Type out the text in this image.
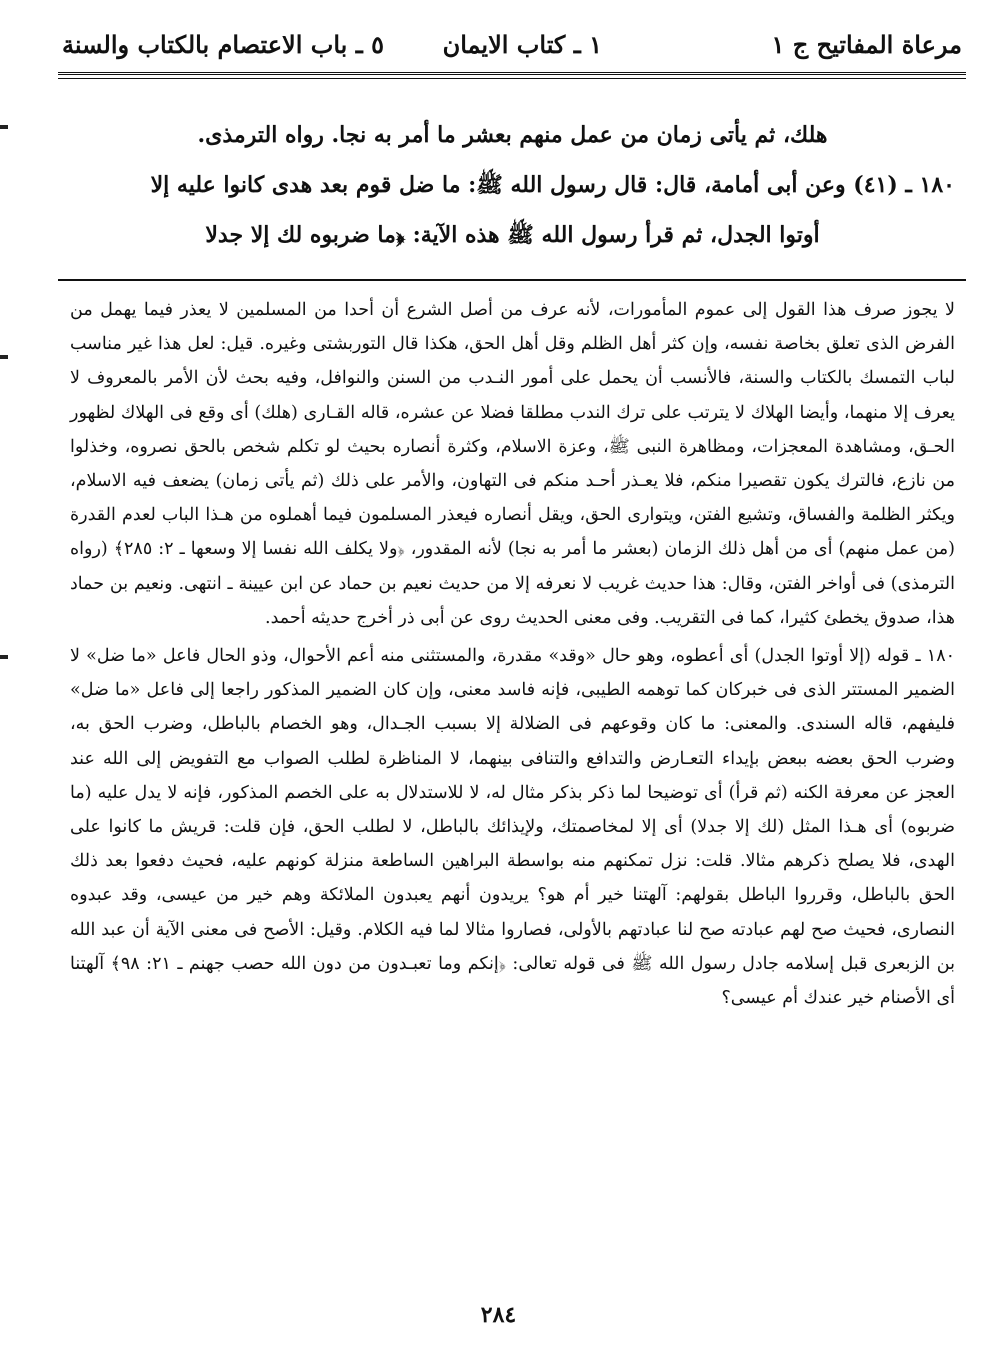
مرعاة المفاتيح ج ١
١ ـ كتاب الايمان
٥ ـ باب الاعتصام بالكتاب والسنة

هلك، ثم يأتى زمان من عمل منهم بعشر ما أمر به نجا. رواه الترمذى.

١٨٠ ـ (٤١) وعن أبى أمامة، قال: قال رسول الله ﷺ: ما ضل قوم بعد هدى كانوا عليه إلا

أوتوا الجدل، ثم قرأ رسول الله ﷺ هذه الآية: ﴿ما ضربوه لك إلا جدلا

لا يجوز صرف هذا القول إلى عموم المأمورات، لأنه عرف من أصل الشرع أن أحدا من المسلمين لا يعذر فيما يهمل من الفرض الذى تعلق بخاصة نفسه، وإن كثر أهل الظلم وقل أهل الحق، هكذا قال التوربشتى وغيره. قيل: لعل هذا غير مناسب لباب التمسك بالكتاب والسنة، فالأنسب أن يحمل على أمور النـدب من السنن والنوافل، وفيه بحث لأن الأمر بالمعروف لا يعرف إلا منهما، وأيضا الهلاك لا يترتب على ترك الندب مطلقا فضلا عن عشره، قاله القـارى (هلك) أى وقع فى الهلاك لظهور الحـق، ومشاهدة المعجزات، ومظاهرة النبى ﷺ، وعزة الاسلام، وكثرة أنصاره بحيث لو تكلم شخص بالحق نصروه، وخذلوا من نازع، فالترك يكون تقصيرا منكم، فلا يعـذر أحـد منكم فى التهاون، والأمر على ذلك (ثم يأتى زمان) يضعف فيه الاسلام، ويكثر الظلمة والفساق، وتشيع الفتن، ويتوارى الحق، ويقل أنصاره فيعذر المسلمون فيما أهملوه من هـذا الباب لعدم القدرة (من عمل منهم) أى من أهل ذلك الزمان (بعشر ما أمر به نجا) لأنه المقدور، ﴿ولا يكلف الله نفسا إلا وسعها ـ ٢: ٢٨٥﴾ (رواه الترمذى) فى أواخر الفتن، وقال: هذا حديث غريب لا نعرفه إلا من حديث نعيم بن حماد عن ابن عيينة ـ انتهى. ونعيم بن حماد هذا، صدوق يخطئ كثيرا، كما فى التقريب. وفى معنى الحديث روى عن أبى ذر أخرج حديثه أحمد.

١٨٠ ـ قوله (إلا أوتوا الجدل) أى أعطوه، وهو حال «وقد» مقدرة، والمستثنى منه أعم الأحوال، وذو الحال فاعل «ما ضل» لا الضمير المستتر الذى فى خبركان كما توهمه الطيبى، فإنه فاسد معنى، وإن كان الضمير المذكور راجعا إلى فاعل «ما ضل» فليفهم، قاله السندى. والمعنى: ما كان وقوعهم فى الضلالة إلا بسبب الجـدال، وهو الخصام بالباطل، وضرب الحق به، وضرب الحق بعضه ببعض بإيداء التعـارض والتدافع والتنافى بينهما، لا المناظرة لطلب الصواب مع التفويض إلى الله عند العجز عن معرفة الكنه (ثم قرأ) أى توضيحا لما ذكر بذكر مثال له، لا للاستدلال به على الخصم المذكور، فإنه لا يدل عليه (ما ضربوه) أى هـذا المثل (لك إلا جدلا) أى إلا لمخاصمتك، ولإيذائك بالباطل، لا لطلب الحق، فإن قلت: قريش ما كانوا على الهدى، فلا يصلح ذكرهم مثالا. قلت: نزل تمكنهم منه بواسطة البراهين الساطعة منزلة كونهم عليه، فحيث دفعوا بعد ذلك الحق بالباطل، وقرروا الباطل بقولهم: آلهتنا خير أم هو؟ يريدون أنهم يعبدون الملائكة وهم خير من عيسى، وقد عبدوه النصارى، فحيث صح لهم عبادته صح لنا عبادتهم بالأولى، فصاروا مثالا لما فيه الكلام. وقيل: الأصح فى معنى الآية أن عبد الله بن الزبعرى قبل إسلامه جادل رسول الله ﷺ فى قوله تعالى: ﴿إنكم وما تعبـدون من دون الله حصب جهنم ـ ٢١: ٩٨﴾ آلهتنا أى الأصنام خير عندك أم عيسى؟

٢٨٤
